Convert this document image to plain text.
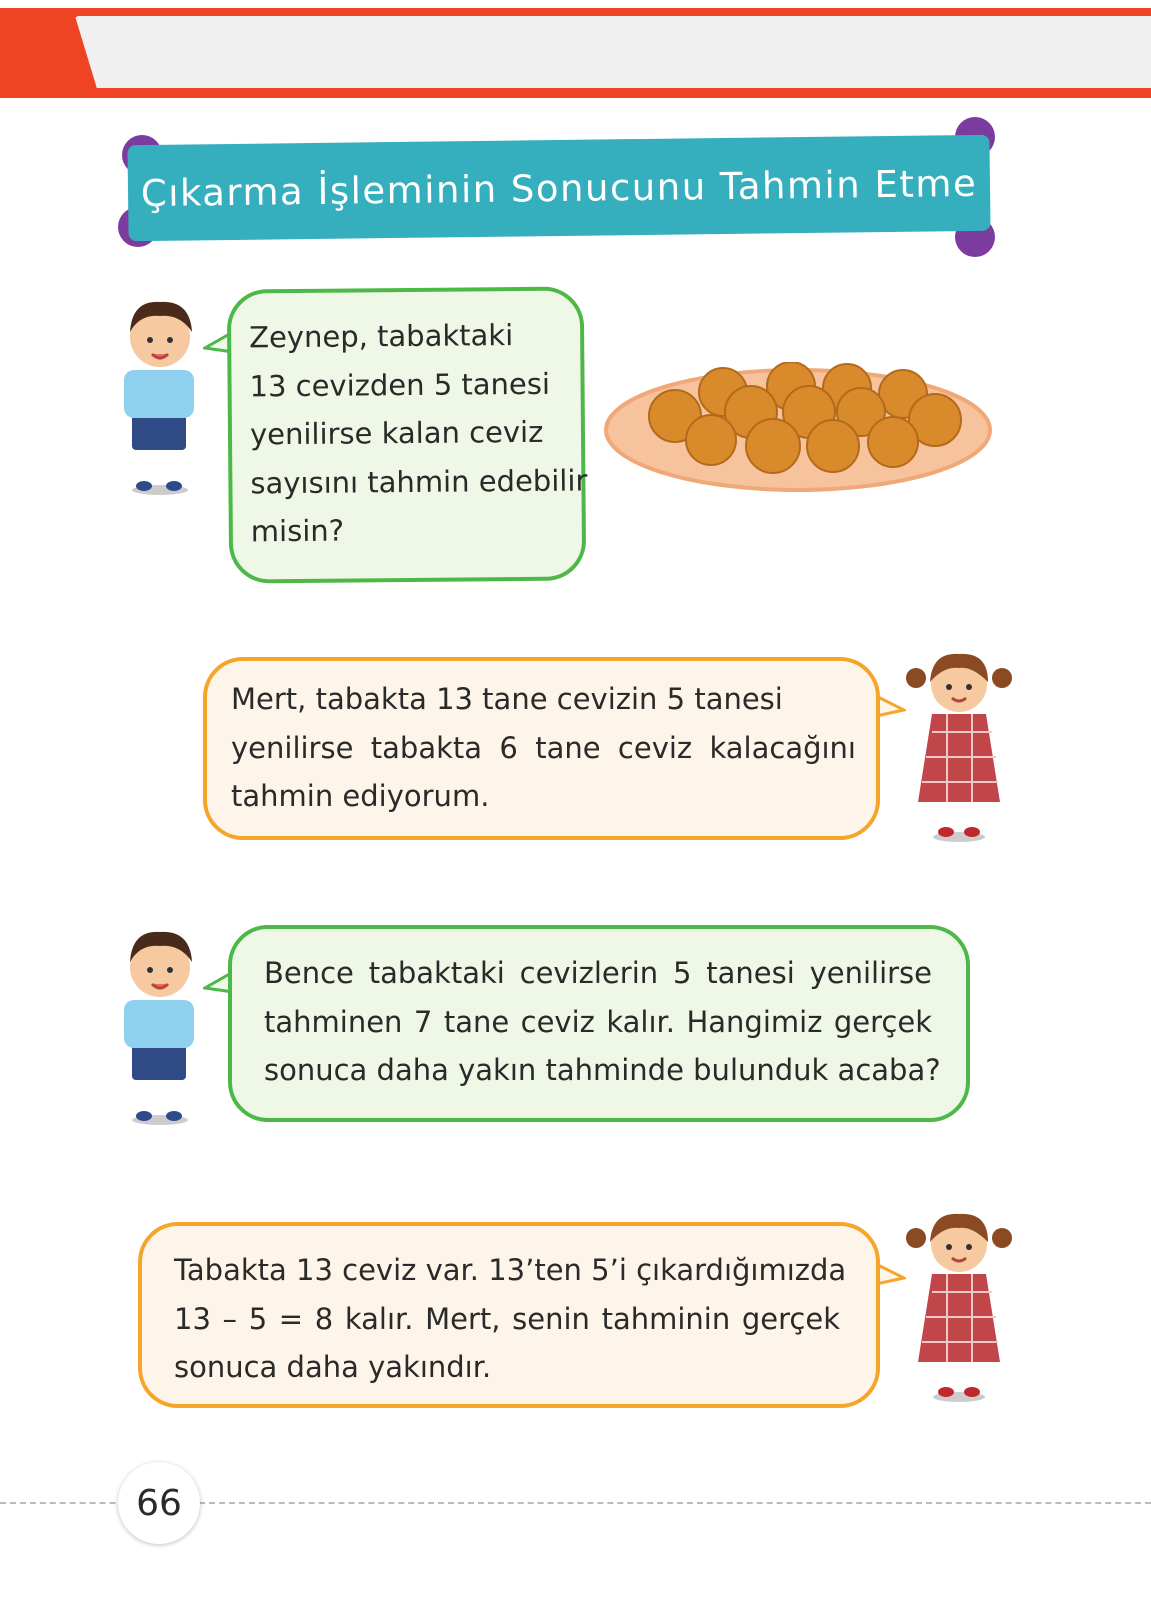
Çıkarma İşleminin Sonucunu Tahmin Etme
Zeynep, tabaktaki
13 cevizden 5 tanesi
yenilirse kalan ceviz
sayısını tahmin edebilir
misin?
Mert, tabakta 13 tane cevizin 5 tanesi
yenilirse tabakta 6 tane ceviz kalacağını
tahmin ediyorum.
Bence tabaktaki cevizlerin 5 tanesi yenilirse
tahminen 7 tane ceviz kalır. Hangimiz gerçek
sonuca daha yakın tahminde bulunduk acaba?
Tabakta 13 ceviz var. 13’ten 5’i çıkardığımızda
13 – 5 = 8 kalır. Mert, senin tahminin gerçek
sonuca daha yakındır.
66
